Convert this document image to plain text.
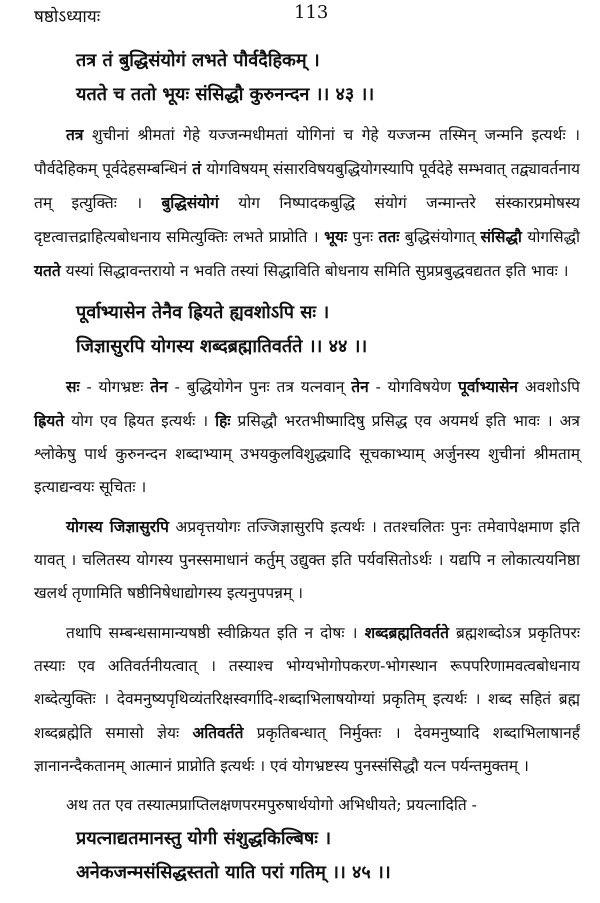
षष्ठोऽध्यायः	113
तत्र तं बुद्धिसंयोगं लभते पौर्वदैहिकम् ।
यतते च ततो भूयः संसिद्धौ कुरुनन्दन ।। ४३ ।।

तत्र शुचीनां श्रीमतां गेहे यज्जन्मधीमतां योगिनां च गेहे यज्जन्म तस्मिन् जन्मनि इत्यर्थः । पौर्वदेहिकम् पूर्वदेहसम्बन्धिनं तं योगविषयम् संसारविषयबुद्धियोगस्यापि पूर्वदेहे सम्भवात् तद्व्यावर्तनाय तम् इत्युक्तिः । बुद्धिसंयोगं योग निष्पादकबुद्धि संयोगं जन्मान्तरे संस्कारप्रमोषस्य दृष्टत्वात्तद्राहित्यबोधनाय समित्युक्तिः लभते प्राप्नोति । भूयः पुनः ततः बुद्धिसंयोगात् संसिद्धौ योगसिद्धौ यतते यस्यां सिद्धावन्तरायो न भवति तस्यां सिद्धाविति बोधनाय समिति सुप्रप्रबुद्धवद्यतत इति भावः ।

पूर्वाभ्यासेन तेनैव ह्रियते ह्यवशोऽपि सः ।
जिज्ञासुरपि योगस्य शब्दब्रह्मातिवर्तते ।। ४४ ।।

सः - योगभ्रष्टः तेन - बुद्धियोगेन पुनः तत्र यत्नवान् तेन - योगविषयेण पूर्वाभ्यासेन अवशोऽपि ह्रियते योग एव ह्रियत इत्यर्थः । हिः प्रसिद्धौ भरतभीष्मादिषु प्रसिद्ध एव अयमर्थ इति भावः । अत्र श्लोकेषु पार्थ कुरुनन्दन शब्दाभ्याम् उभयकुलविशुद्ध्यादि सूचकाभ्याम् अर्जुनस्य शुचीनां श्रीमताम् इत्याद्यन्वयः सूचितः ।

योगस्य जिज्ञासुरपि अप्रवृत्तयोगः तज्जिज्ञासुरपि इत्यर्थः । ततश्चलितः पुनः तमेवापेक्षमाण इति यावत् । चलितस्य योगस्य पुनस्समाधानं कर्तुम् उद्युक्त इति पर्यवसितोऽर्थः । यद्यपि न लोकात्ययनिष्ठा खलर्थ तृणामिति षष्ठीनिषेधाद्योगस्य इत्यनुपपन्नम् ।

तथापि सम्बन्धसामान्यषष्ठी स्वीक्रियत इति न दोषः । शब्दब्रह्मतिवर्तते ब्रह्मशब्दोऽत्र प्रकृतिपरः तस्याः एव अतिवर्तनीयत्वात् । तस्याश्च भोग्यभोगोपकरण-भोगस्थान रूपपरिणामवत्वबोधनाय शब्देत्युक्तिः । देवमनुष्यपृथिव्यंतरिक्षस्वर्गादि-शब्दाभिलाषयोग्यां प्रकृतिम् इत्यर्थः । शब्द सहितं ब्रह्म शब्दब्रह्मेति समासो ज्ञेयः अतिवर्तते प्रकृतिबन्धात् निर्मुक्तः । देवमनुष्यादि शब्दाभिलाषानर्हं ज्ञानानन्दैकतानम् आत्मानं प्राप्नोति इत्यर्थः । एवं योगभ्रष्टस्य पुनस्संसिद्धौ यत्न पर्यन्तमुक्तम् ।

अथ तत एव तस्यात्मप्राप्तिलक्षणपरमपुरुषार्थयोगो अभिधीयते; प्रयत्नादिति -

प्रयत्नाद्यतमानस्तु योगी संशुद्धकिल्बिषः ।
अनेकजन्मसंसिद्धस्ततो याति परां गतिम् ।। ४५ ।।
